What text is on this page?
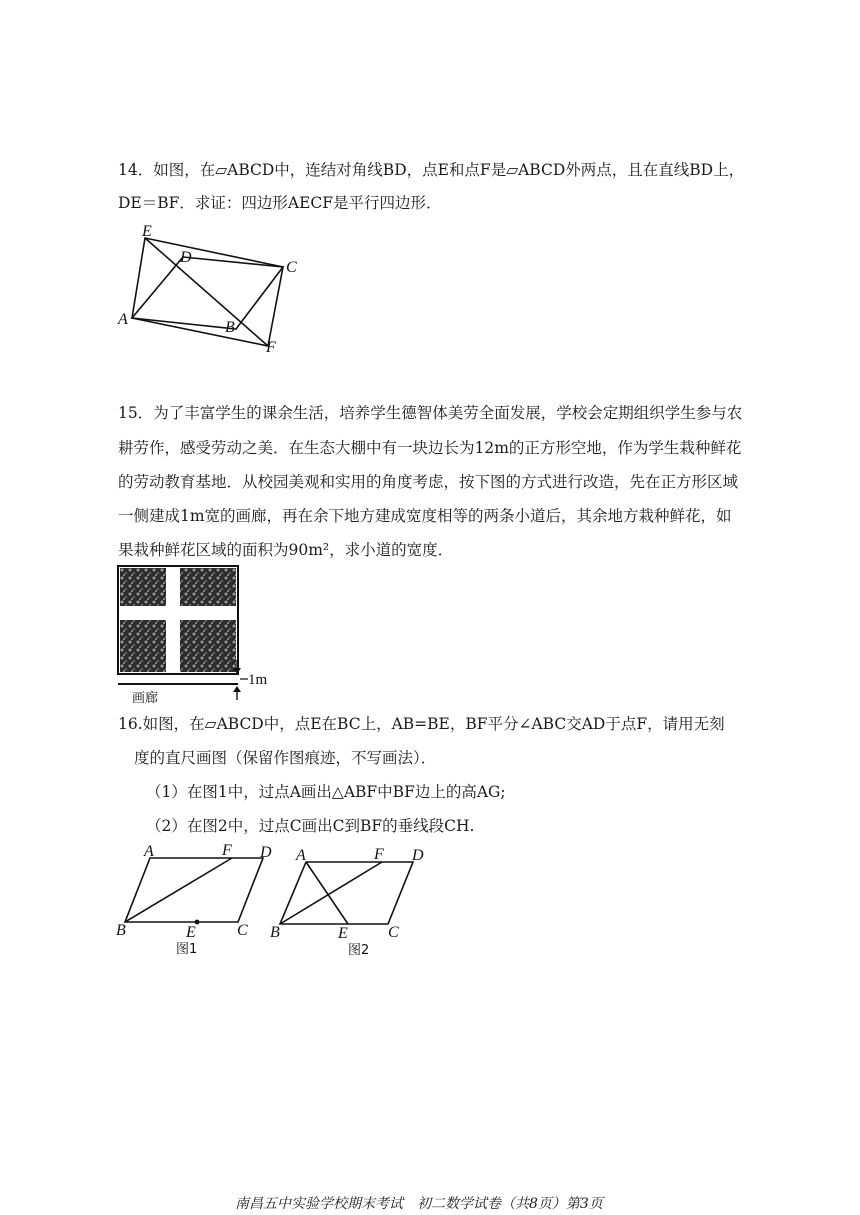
14．如图，在▱ABCD中，连结对角线BD，点E和点F是▱ABCD外两点，且在直线BD上，
DE＝BF．求证：四边形AECF是平行四边形．
E
D
C
A	B
F
15．为了丰富学生的课余生活，培养学生德智体美劳全面发展，学校会定期组织学生参与农
耕劳作，感受劳动之美．在生态大棚中有一块边长为12m的正方形空地，作为学生栽种鲜花
的劳动教育基地．从校园美观和实用的角度考虑，按下图的方式进行改造，先在正方形区域
一侧建成1m宽的画廊，再在余下地方建成宽度相等的两条小道后，其余地方栽种鲜花，如
果栽种鲜花区域的面积为90m²，求小道的宽度．
1m
画廊
16.如图，在▱ABCD中，点E在BC上，AB=BE，BF平分∠ABC交AD于点F，请用无刻
度的直尺画图（保留作图痕迹，不写画法）．
（1）在图1中，过点A画出△ABF中BF边上的高AG;
（2）在图2中，过点C画出C到BF的垂线段CH.
A	F D
B	E	C
图1
A	F D
B	E	C
图2
南昌五中实验学校期末考试　初二数学试卷（共8页）第3页
